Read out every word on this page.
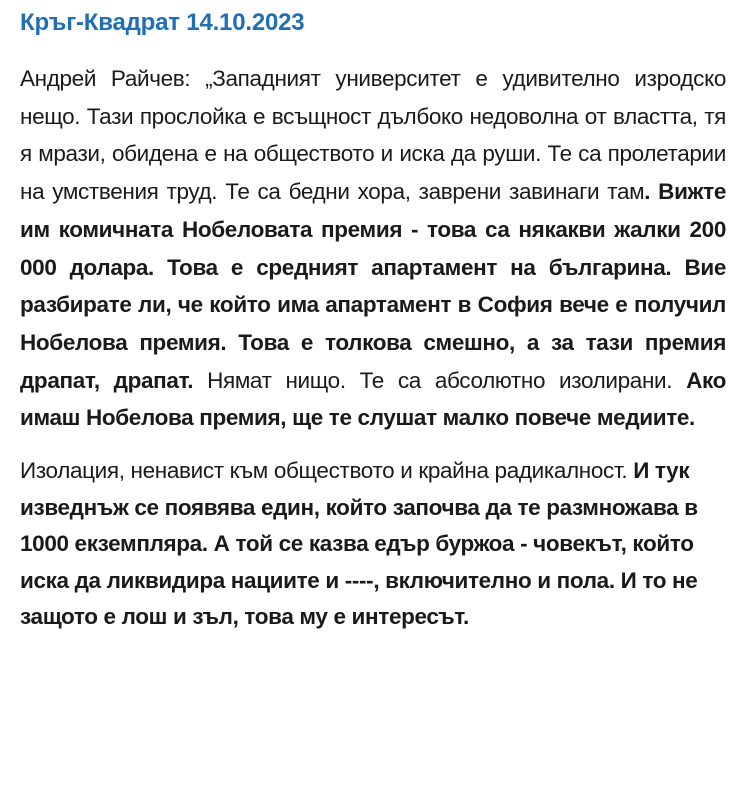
Кръг-Квадрат 14.10.2023

Андрей Райчев: „Западният университет е удивително изродско нещо. Тази прослойка е всъщност дълбоко недоволна от властта, тя я мрази, обидена е на обществото и иска да руши. Те са пролетарии на умствения труд. Те са бедни хора, заврени завинаги там. Вижте им комичната Нобеловата премия - това са някакви жалки 200 000 долара. Това е средният апартамент на българина. Вие разбирате ли, че който има апартамент в София вече е получил Нобелова премия. Това е толкова смешно, а за тази премия драпат, драпат. Нямат нищо. Те са абсолютно изолирани. Ако имаш Нобелова премия, ще те слушат малко повече медиите.

Изолация, ненавист към обществото и крайна радикалност. И тук изведнъж се появява един, който започва да те размножава в 1000 екземпляра. А той се казва едър буржоа - човекът, който иска да ликвидира нациите и ----, включително и пола. И то не защото е лош и зъл, това му е интересът.
